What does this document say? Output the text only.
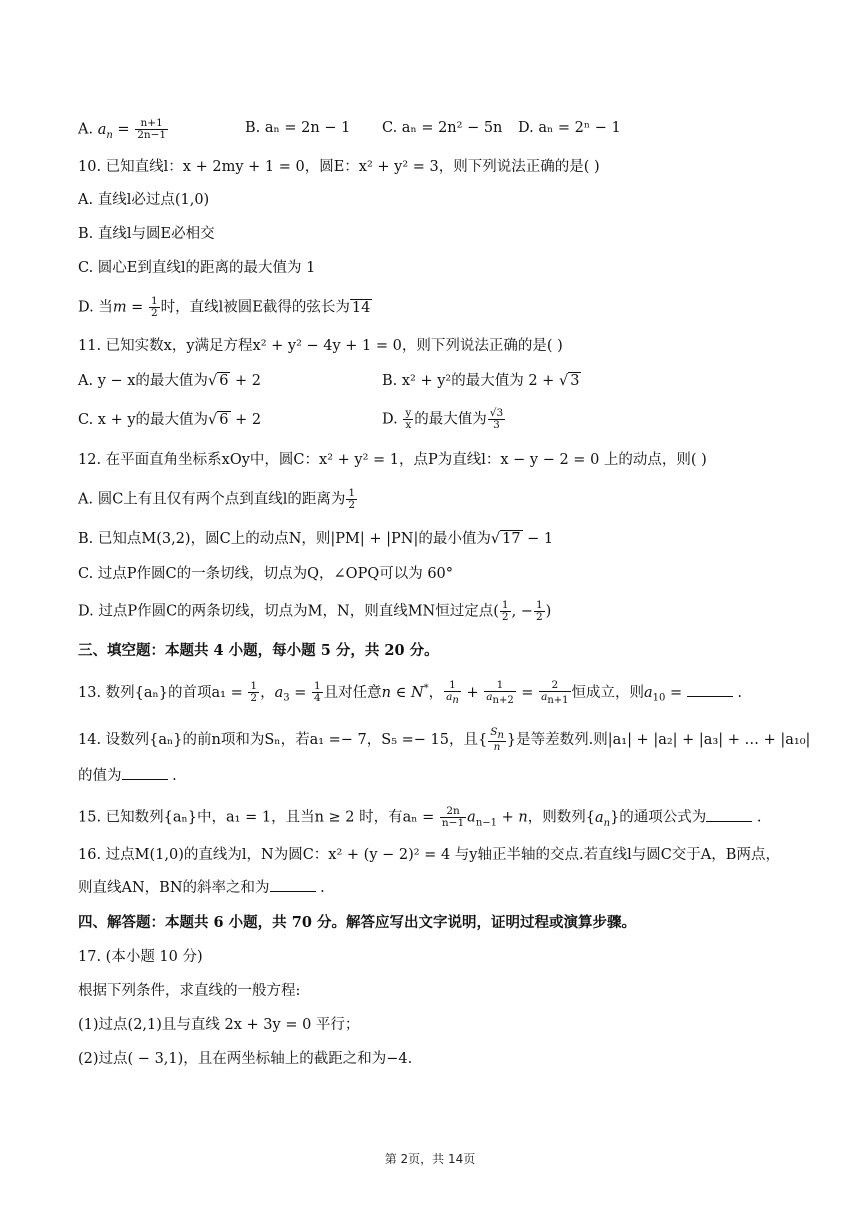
A. $a_n = \frac{n+1}{2n-1}$	B. aₙ = 2n − 1 C. aₙ = 2n² − 5n D. aₙ = 2ⁿ − 1
10. 已知直线l：x + 2my + 1 = 0，圆E：x² + y² = 3，则下列说法正确的是( )
A. 直线l必过点(1,0)
B. 直线l与圆E必相交
C. 圆心E到直线l的距离的最大值为 1
D. 当$m = \frac{1}{2}$ 时，直线l被圆E截得的弦长为 14
11. 已知实数x，y满足方程x² + y² − 4y + 1 = 0，则下列说法正确的是( )
A. y − x的最大值为√ 6 + 2	B. x² + y²的最大值为 2 + √ 3
C. x + y的最大值为√ 6 + 2	D. $\frac{y}{x}$ 的最大值为 $\frac{√3}{3}$
12. 在平面直角坐标系xOy中，圆C：x² + y² = 1，点P为直线l：x − y − 2 = 0 上的动点，则( )
A. 圆C上有且仅有两个点到直线l的距离为 $\frac{1}{2}$
B. 已知点M(3,2)，圆C上的动点N，则|PM| + |PN|的最小值为√ 17 − 1
C. 过点P作圆C的一条切线，切点为Q，∠OPQ可以为 60°
D. 过点P作圆C的两条切线，切点为M，N，则直线MN恒过定点( $\frac{1}{2}$ , − $\frac{1}{2}$ )
三、填空题：本题共 4 小题，每小题 5 分，共 20 分。
13. 数列{aₙ}的首项$a_1 = \frac{1}{2}$ ，$a_3 = \frac{1}{4}$ 且对任意n ∈ N*， $\frac{1}{a_n} + \frac{1}{a_{n+2}} = \frac{2}{a_{n+1}}$ 恒成立，则$a_{10}$ =	.
14. 设数列{aₙ}的前n项和为Sₙ，若a₁ =− 7，S₅ =− 15，且{ $\frac{S_n}{n}$ }是等差数列.则|a₁| + |a₂| + |a₃| + … + |a₁₀|
的值为	.
15. 已知数列{aₙ}中，a₁ = 1，且当n ≥ 2 时，有$a_n = \frac{2n}{n-1} a_{n-1} + n$，则数列$\{a_n\}$的通项公式为	.
16. 过点M(1,0)的直线为l，N为圆C：x² + (y − 2)² = 4 与y轴正半轴的交点.若直线l与圆C交于A，B两点，
则直线AN，BN的斜率之和为	.
四、解答题：本题共 6 小题，共 70 分。解答应写出文字说明，证明过程或演算步骤。
17. (本小题 10 分)
根据下列条件，求直线的一般方程:
(1)过点(2,1)且与直线 2x + 3y = 0 平行；
(2)过点( − 3,1)，且在两坐标轴上的截距之和为−4.
第 2页，共 14页
